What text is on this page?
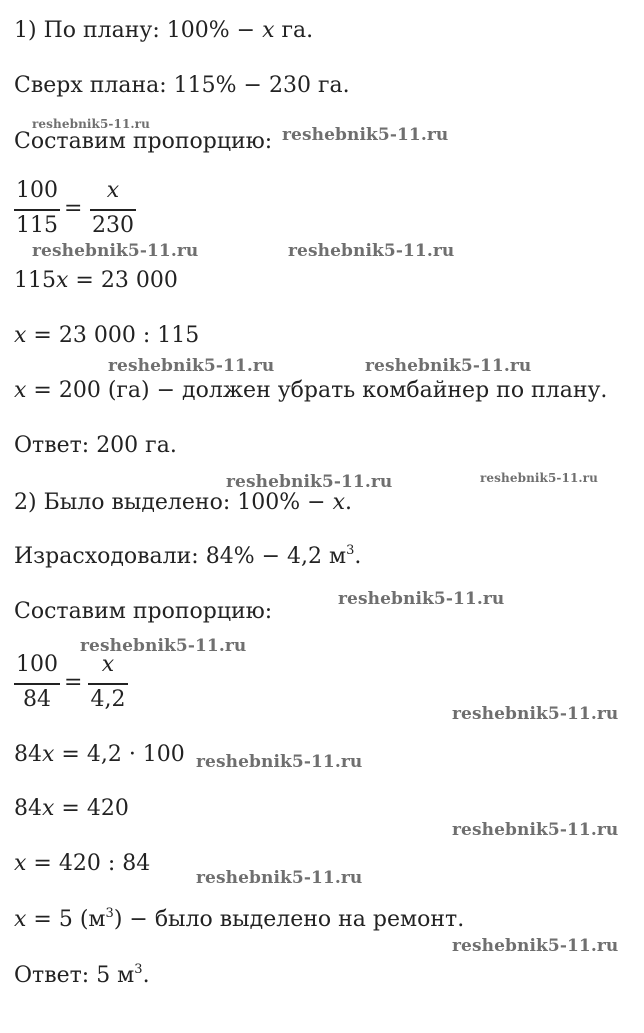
1) По плану: 100% − x га.
Сверх плана: 115% − 230 га.
Составим пропорцию:
100
115
=
x
230
115x = 23 000
x = 23 000 : 115
x = 200 (га) − должен убрать комбайнер по плану.
Ответ: 200 га.
2) Было выделено: 100% − x.
Израсходовали: 84% − 4,2 $м^3$.
Составим пропорцию:
100
84
=
x
4,2
84x = 4,2 · 100
84x = 420
x = 420 : 84
x = 5 $(м^3)$ − было выделено на ремонт.
Ответ: 5 $м^3$.
reshebnik5-11.ru
reshebnik5-11.ru
reshebnik5-11.ru	reshebnik5-11.ru
reshebnik5-11.ru	reshebnik5-11.ru
reshebnik5-11.ru	reshebnik5-11.ru
reshebnik5-11.ru
reshebnik5-11.ru
reshebnik5-11.ru
reshebnik5-11.ru
reshebnik5-11.ru
reshebnik5-11.ru
reshebnik5-11.ru
